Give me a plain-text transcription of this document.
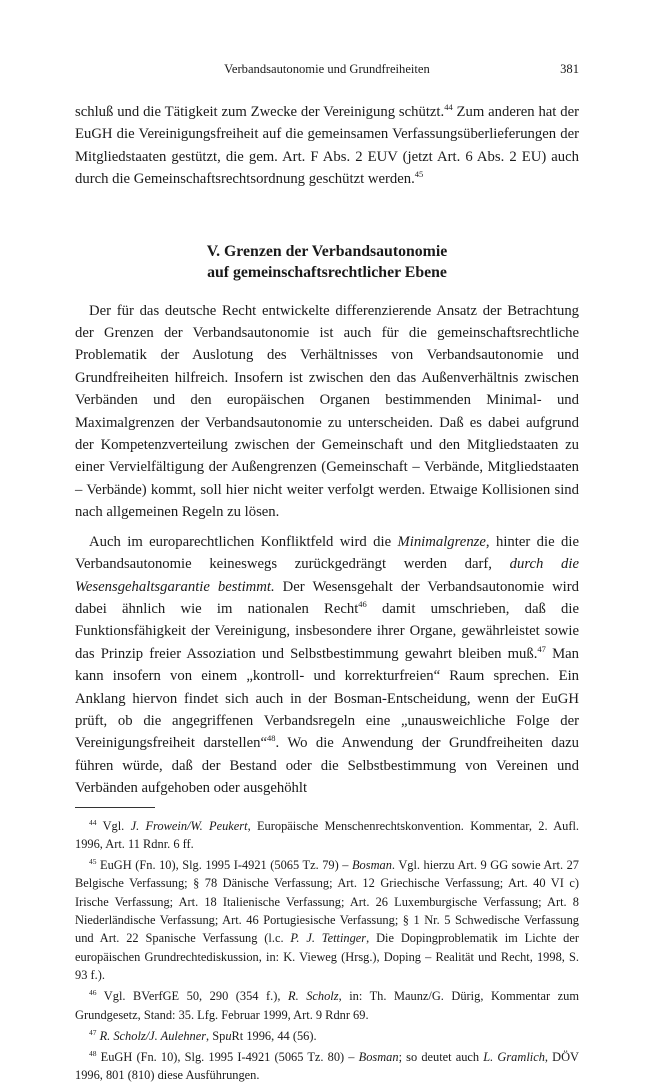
Verbandsautonomie und Grundfreiheiten	381

schluß und die Tätigkeit zum Zwecke der Vereinigung schützt.$^{44}$ Zum anderen hat der EuGH die Vereinigungsfreiheit auf die gemeinsamen Verfassungsüberlieferungen der Mitgliedstaaten gestützt, die gem. Art. F Abs. 2 EUV (jetzt Art. 6 Abs. 2 EU) auch durch die Gemeinschaftsrechtsordnung geschützt werden.$^{45}$

V. Grenzen der Verbandsautonomie
auf gemeinschaftsrechtlicher Ebene

Der für das deutsche Recht entwickelte differenzierende Ansatz der Betrachtung der Grenzen der Verbandsautonomie ist auch für die gemeinschaftsrechtliche Problematik der Auslotung des Verhältnisses von Verbandsautonomie und Grundfreiheiten hilfreich. Insofern ist zwischen den das Außenverhältnis zwischen Verbänden und den europäischen Organen bestimmenden Minimal- und Maximalgrenzen der Verbandsautonomie zu unterscheiden. Daß es dabei aufgrund der Kompetenzverteilung zwischen der Gemeinschaft und den Mitgliedstaaten zu einer Vervielfältigung der Außengrenzen (Gemeinschaft – Verbände, Mitgliedstaaten – Verbände) kommt, soll hier nicht weiter verfolgt werden. Etwaige Kollisionen sind nach allgemeinen Regeln zu lösen.

Auch im europarechtlichen Konfliktfeld wird die Minimalgrenze, hinter die die Verbandsautonomie keineswegs zurückgedrängt werden darf, durch die Wesensgehaltsgarantie bestimmt. Der Wesensgehalt der Verbandsautonomie wird dabei ähnlich wie im nationalen Recht$^{46}$ damit umschrieben, daß die Funktionsfähigkeit der Vereinigung, insbesondere ihrer Organe, gewährleistet sowie das Prinzip freier Assoziation und Selbstbestimmung gewahrt bleiben muß.$^{47}$ Man kann insofern von einem „kontroll- und korrekturfreien“ Raum sprechen. Ein Anklang hiervon findet sich auch in der Bosman-Entscheidung, wenn der EuGH prüft, ob die angegriffenen Verbandsregeln eine „unausweichliche Folge der Vereinigungsfreiheit darstellen“$^{48}$. Wo die Anwendung der Grundfreiheiten dazu führen würde, daß der Bestand oder die Selbstbestimmung von Vereinen und Verbänden aufgehoben oder ausgehöhlt

$^{44}$ Vgl. J. Frowein/W. Peukert, Europäische Menschenrechtskonvention. Kommentar, 2. Aufl. 1996, Art. 11 Rdnr. 6 ff.

$^{45}$ EuGH (Fn. 10), Slg. 1995 I-4921 (5065 Tz. 79) – Bosman. Vgl. hierzu Art. 9 GG sowie Art. 27 Belgische Verfassung; § 78 Dänische Verfassung; Art. 12 Griechische Verfassung; Art. 40 VI c) Irische Verfassung; Art. 18 Italienische Verfassung; Art. 26 Luxemburgische Verfassung; Art. 8 Niederländische Verfassung; Art. 46 Portugiesische Verfassung; § 1 Nr. 5 Schwedische Verfassung und Art. 22 Spanische Verfassung (l.c. P. J. Tettinger, Die Dopingproblematik im Lichte der europäischen Grundrechtediskussion, in: K. Vieweg (Hrsg.), Doping – Realität und Recht, 1998, S. 93 f.).

$^{46}$ Vgl. BVerfGE 50, 290 (354 f.), R. Scholz, in: Th. Maunz/G. Dürig, Kommentar zum Grundgesetz, Stand: 35. Lfg. Februar 1999, Art. 9 Rdnr 69.

$^{47}$ R. Scholz/J. Aulehner, SpuRt 1996, 44 (56).

$^{48}$ EuGH (Fn. 10), Slg. 1995 I-4921 (5065 Tz. 80) – Bosman; so deutet auch L. Gramlich, DÖV 1996, 801 (810) diese Ausführungen.
